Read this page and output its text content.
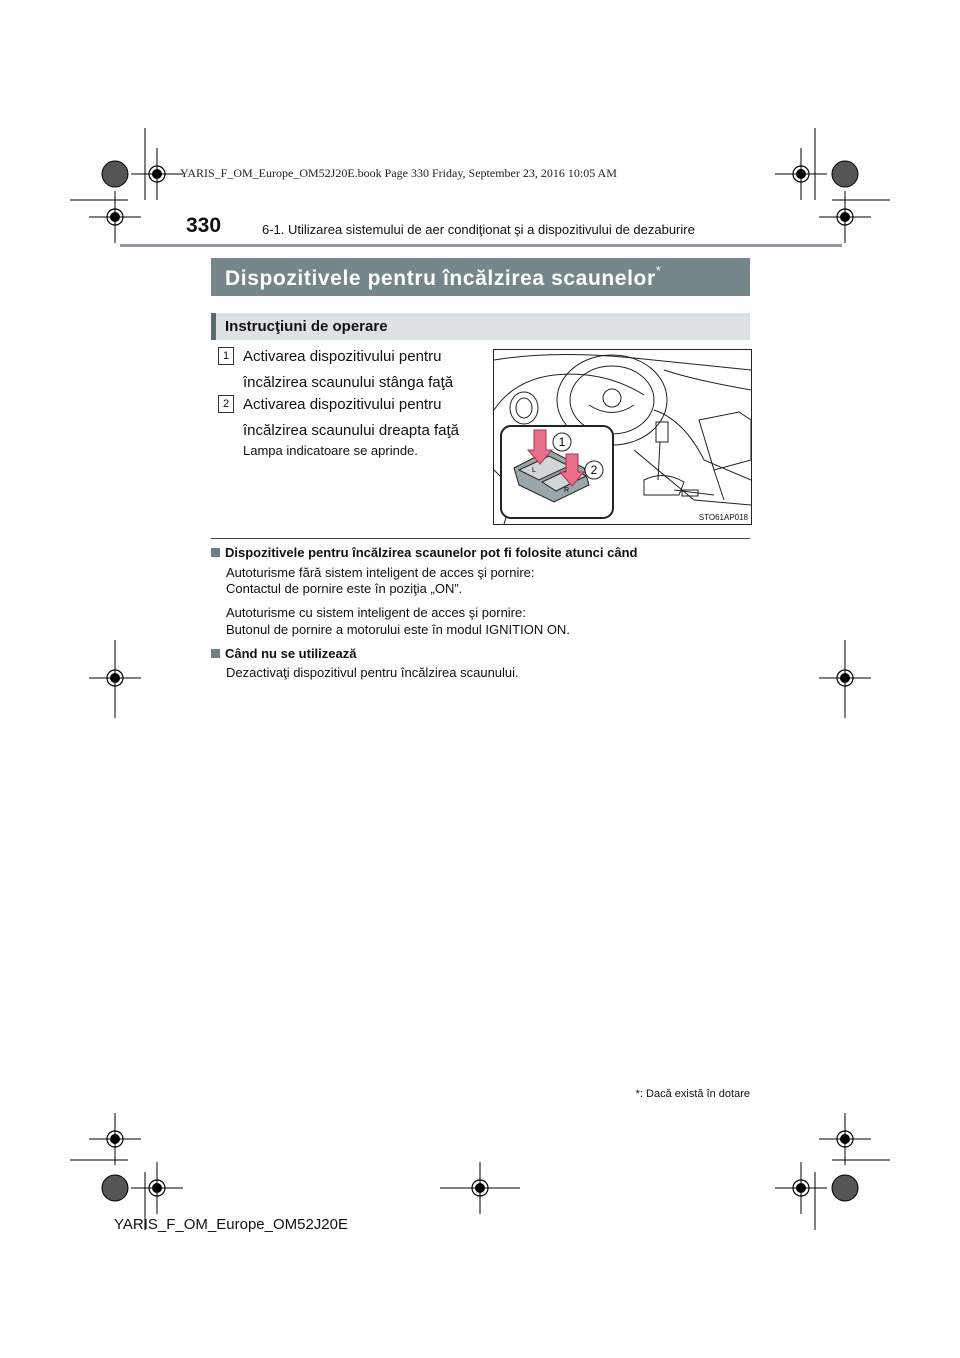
YARIS_F_OM_Europe_OM52J20E.book Page 330 Friday, September 23, 2016 10:05 AM
330	6-1. Utilizarea sistemului de aer condiţionat şi a dispozitivului de dezaburire
Dispozitivele pentru încălzirea scaunelor*
Instrucţiuni de operare
1 Activarea dispozitivului pentru
încălzirea scaunului stânga faţă
2 Activarea dispozitivului pentru
încălzirea scaunului dreapta faţă
Lampa indicatoare se aprinde.
1
2
L
R
STO61AP018
Dispozitivele pentru încălzirea scaunelor pot fi folosite atunci când
Autoturisme fără sistem inteligent de acces şi pornire:
Contactul de pornire este în poziţia „ON”.
Autoturisme cu sistem inteligent de acces şi pornire:
Butonul de pornire a motorului este în modul IGNITION ON.
Când nu se utilizează
Dezactivaţi dispozitivul pentru încălzirea scaunului.
*: Dacă există în dotare
YARIS_F_OM_Europe_OM52J20E
